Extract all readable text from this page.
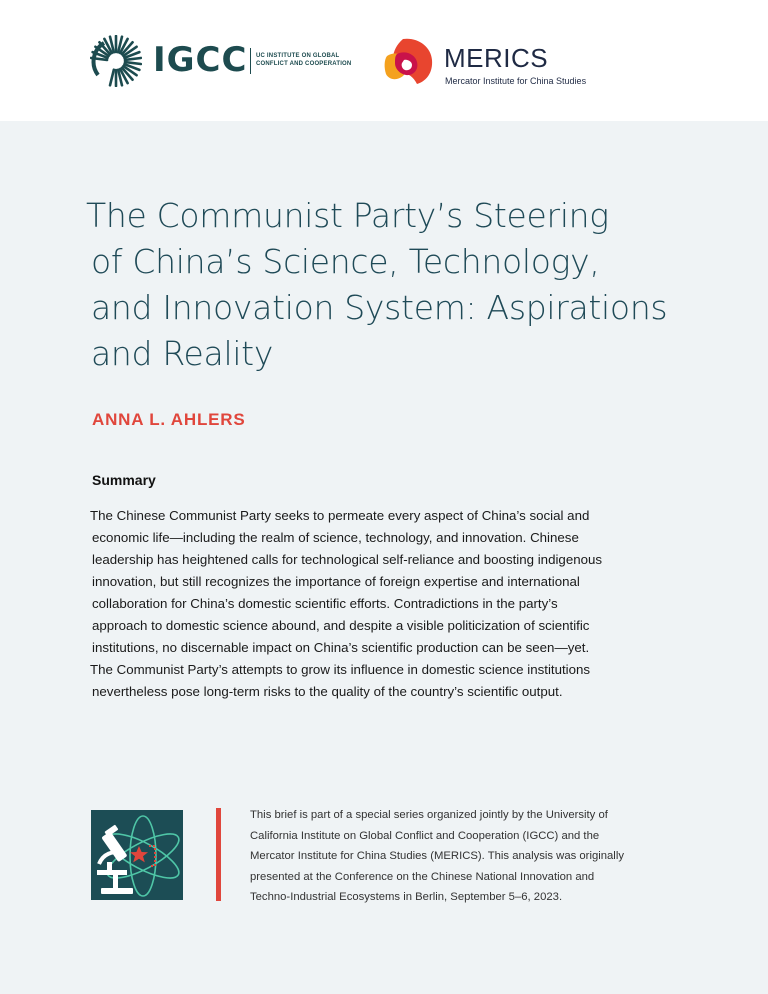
IGCC UC INSTITUTE ON GLOBAL
CONFLICT AND COOPERATION	MERICS
Mercator Institute for China Studies
The Communist Party’s Steering
of China’s Science, Technology,
and Innovation System: Aspirations
and Reality
ANNA L. AHLERS
Summary
The Chinese Communist Party seeks to permeate every aspect of China’s social and
economic life—including the realm of science, technology, and innovation. Chinese
leadership has heightened calls for technological self-reliance and boosting indigenous
innovation, but still recognizes the importance of foreign expertise and international
collaboration for China’s domestic scientific efforts. Contradictions in the party’s
approach to domestic science abound, and despite a visible politicization of scientific
institutions, no discernable impact on China’s scientific production can be seen—yet.
The Communist Party’s attempts to grow its influence in domestic science institutions
nevertheless pose long-term risks to the quality of the country’s scientific output.
This brief is part of a special series organized jointly by the University of
California Institute on Global Conflict and Cooperation (IGCC) and the
Mercator Institute for China Studies (MERICS). This analysis was originally
presented at the Conference on the Chinese National Innovation and
Techno-Industrial Ecosystems in Berlin, September 5–6, 2023.
